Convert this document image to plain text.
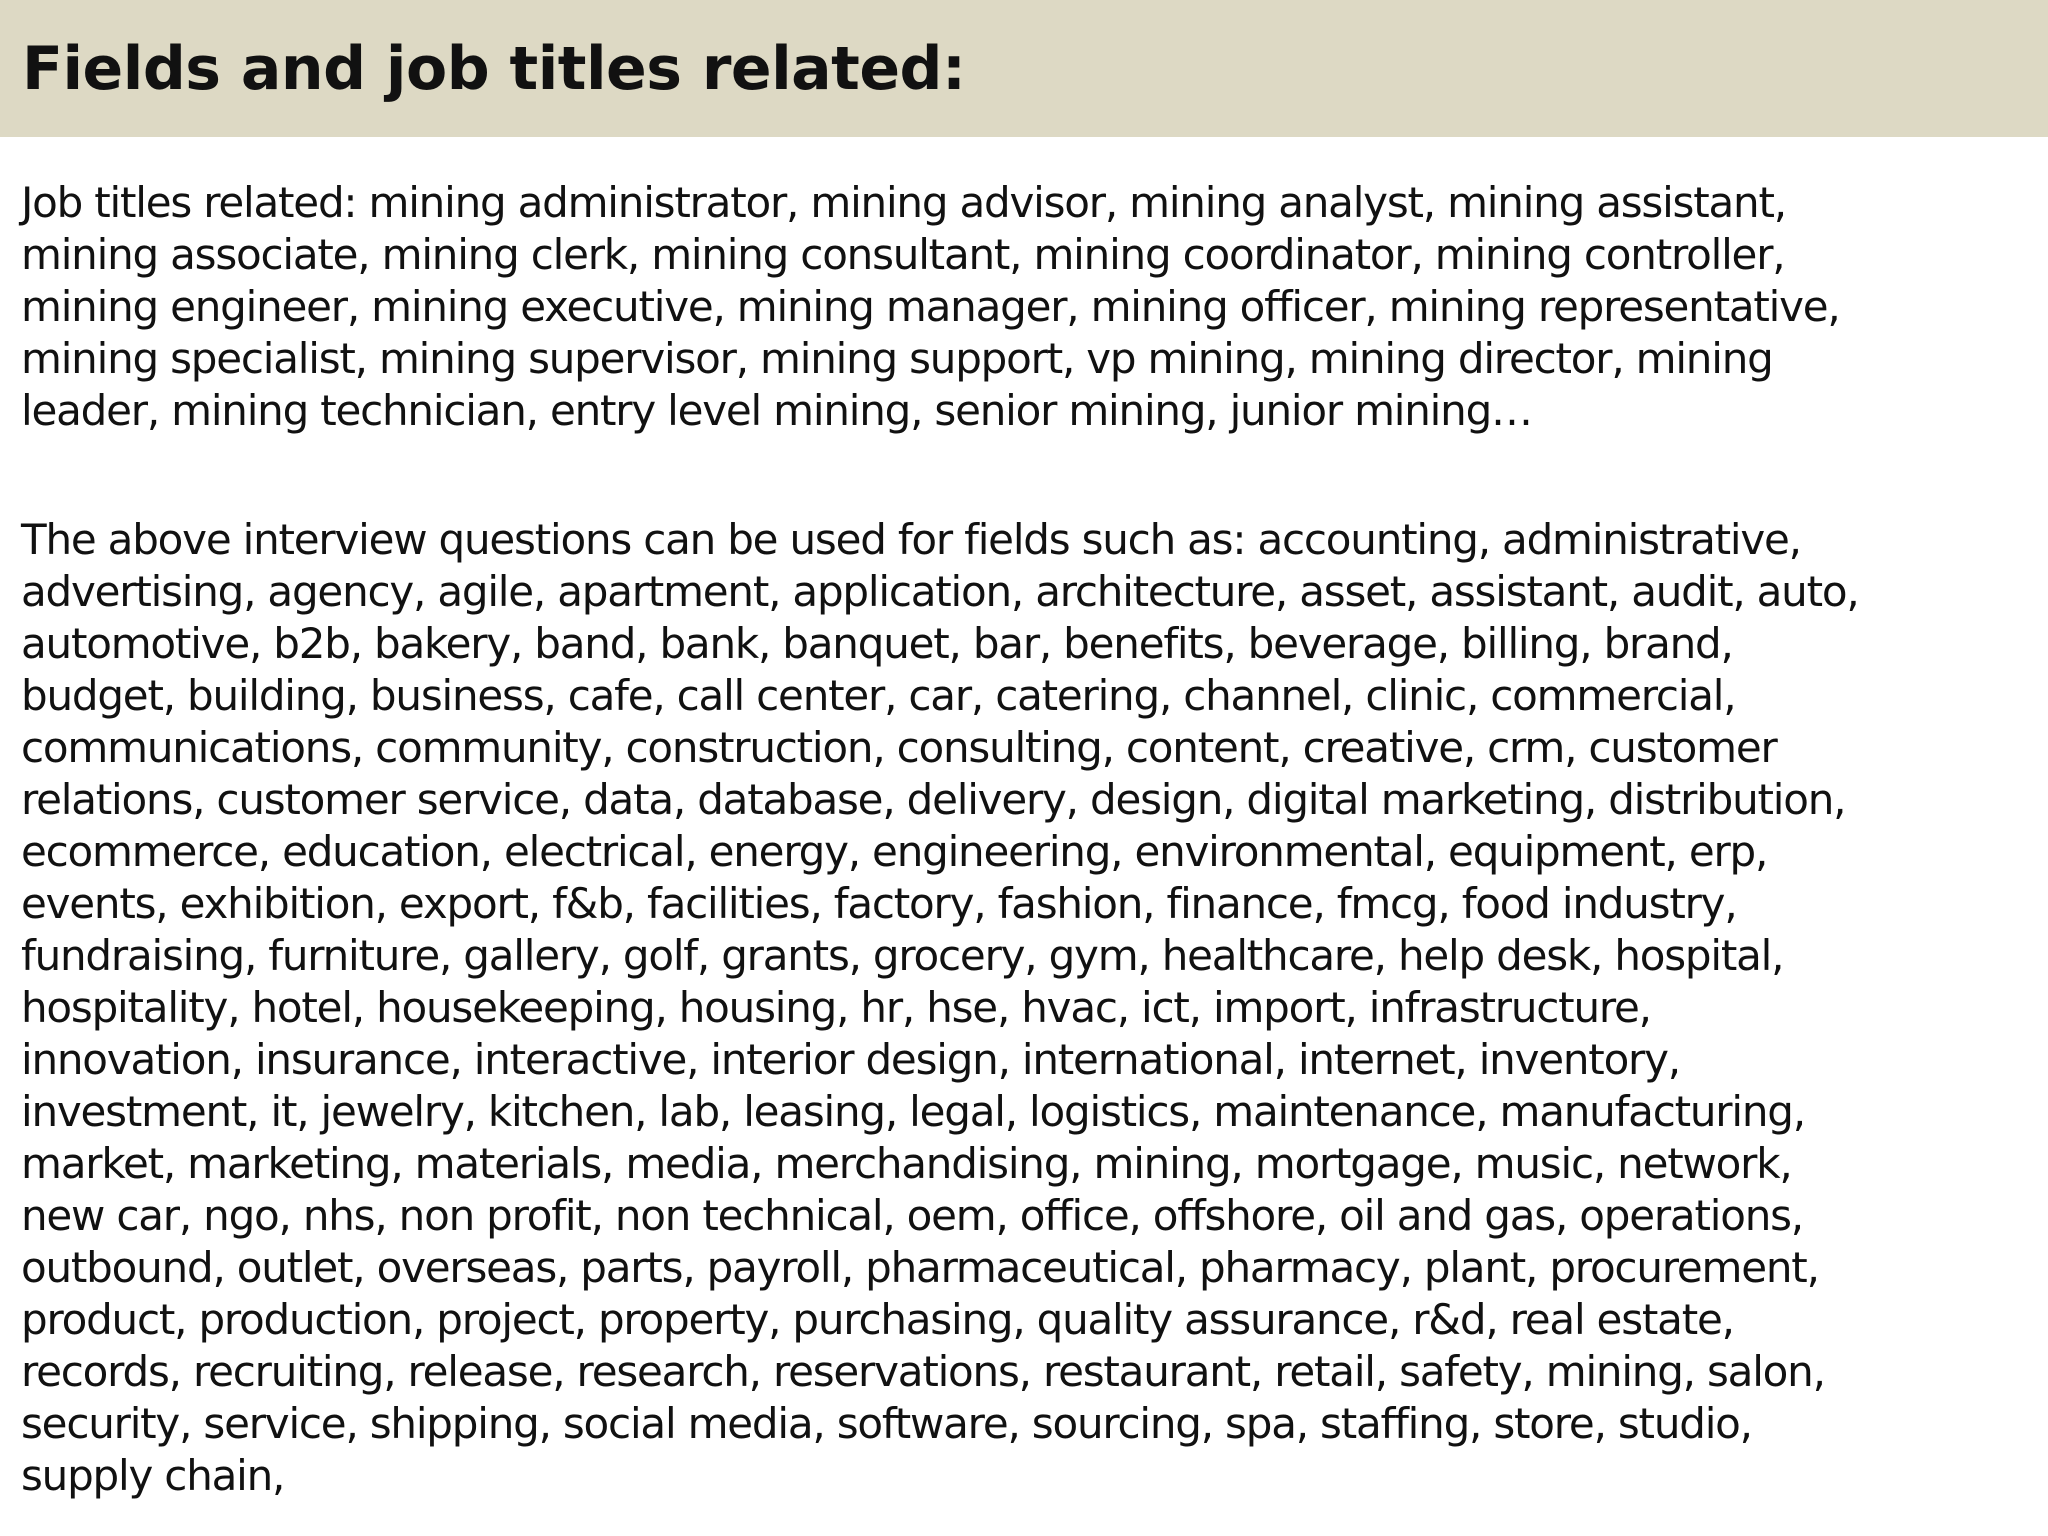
Fields and job titles related:

Job titles related: mining administrator, mining advisor, mining analyst, mining assistant,
mining associate, mining clerk, mining consultant, mining coordinator, mining controller,
mining engineer, mining executive, mining manager, mining officer, mining representative,
mining specialist, mining supervisor, mining support, vp mining, mining director, mining
leader, mining technician, entry level mining, senior mining, junior mining…

The above interview questions can be used for fields such as: accounting, administrative,
advertising, agency, agile, apartment, application, architecture, asset, assistant, audit, auto,
automotive, b2b, bakery, band, bank, banquet, bar, benefits, beverage, billing, brand,
budget, building, business, cafe, call center, car, catering, channel, clinic, commercial,
communications, community, construction, consulting, content, creative, crm, customer
relations, customer service, data, database, delivery, design, digital marketing, distribution,
ecommerce, education, electrical, energy, engineering, environmental, equipment, erp,
events, exhibition, export, f&b, facilities, factory, fashion, finance, fmcg, food industry,
fundraising, furniture, gallery, golf, grants, grocery, gym, healthcare, help desk, hospital,
hospitality, hotel, housekeeping, housing, hr, hse, hvac, ict, import, infrastructure,
innovation, insurance, interactive, interior design, international, internet, inventory,
investment, it, jewelry, kitchen, lab, leasing, legal, logistics, maintenance, manufacturing,
market, marketing, materials, media, merchandising, mining, mortgage, music, network,
new car, ngo, nhs, non profit, non technical, oem, office, offshore, oil and gas, operations,
outbound, outlet, overseas, parts, payroll, pharmaceutical, pharmacy, plant, procurement,
product, production, project, property, purchasing, quality assurance, r&d, real estate,
records, recruiting, release, research, reservations, restaurant, retail, safety, mining, salon,
security, service, shipping, social media, software, sourcing, spa, staffing, store, studio,
supply chain,
